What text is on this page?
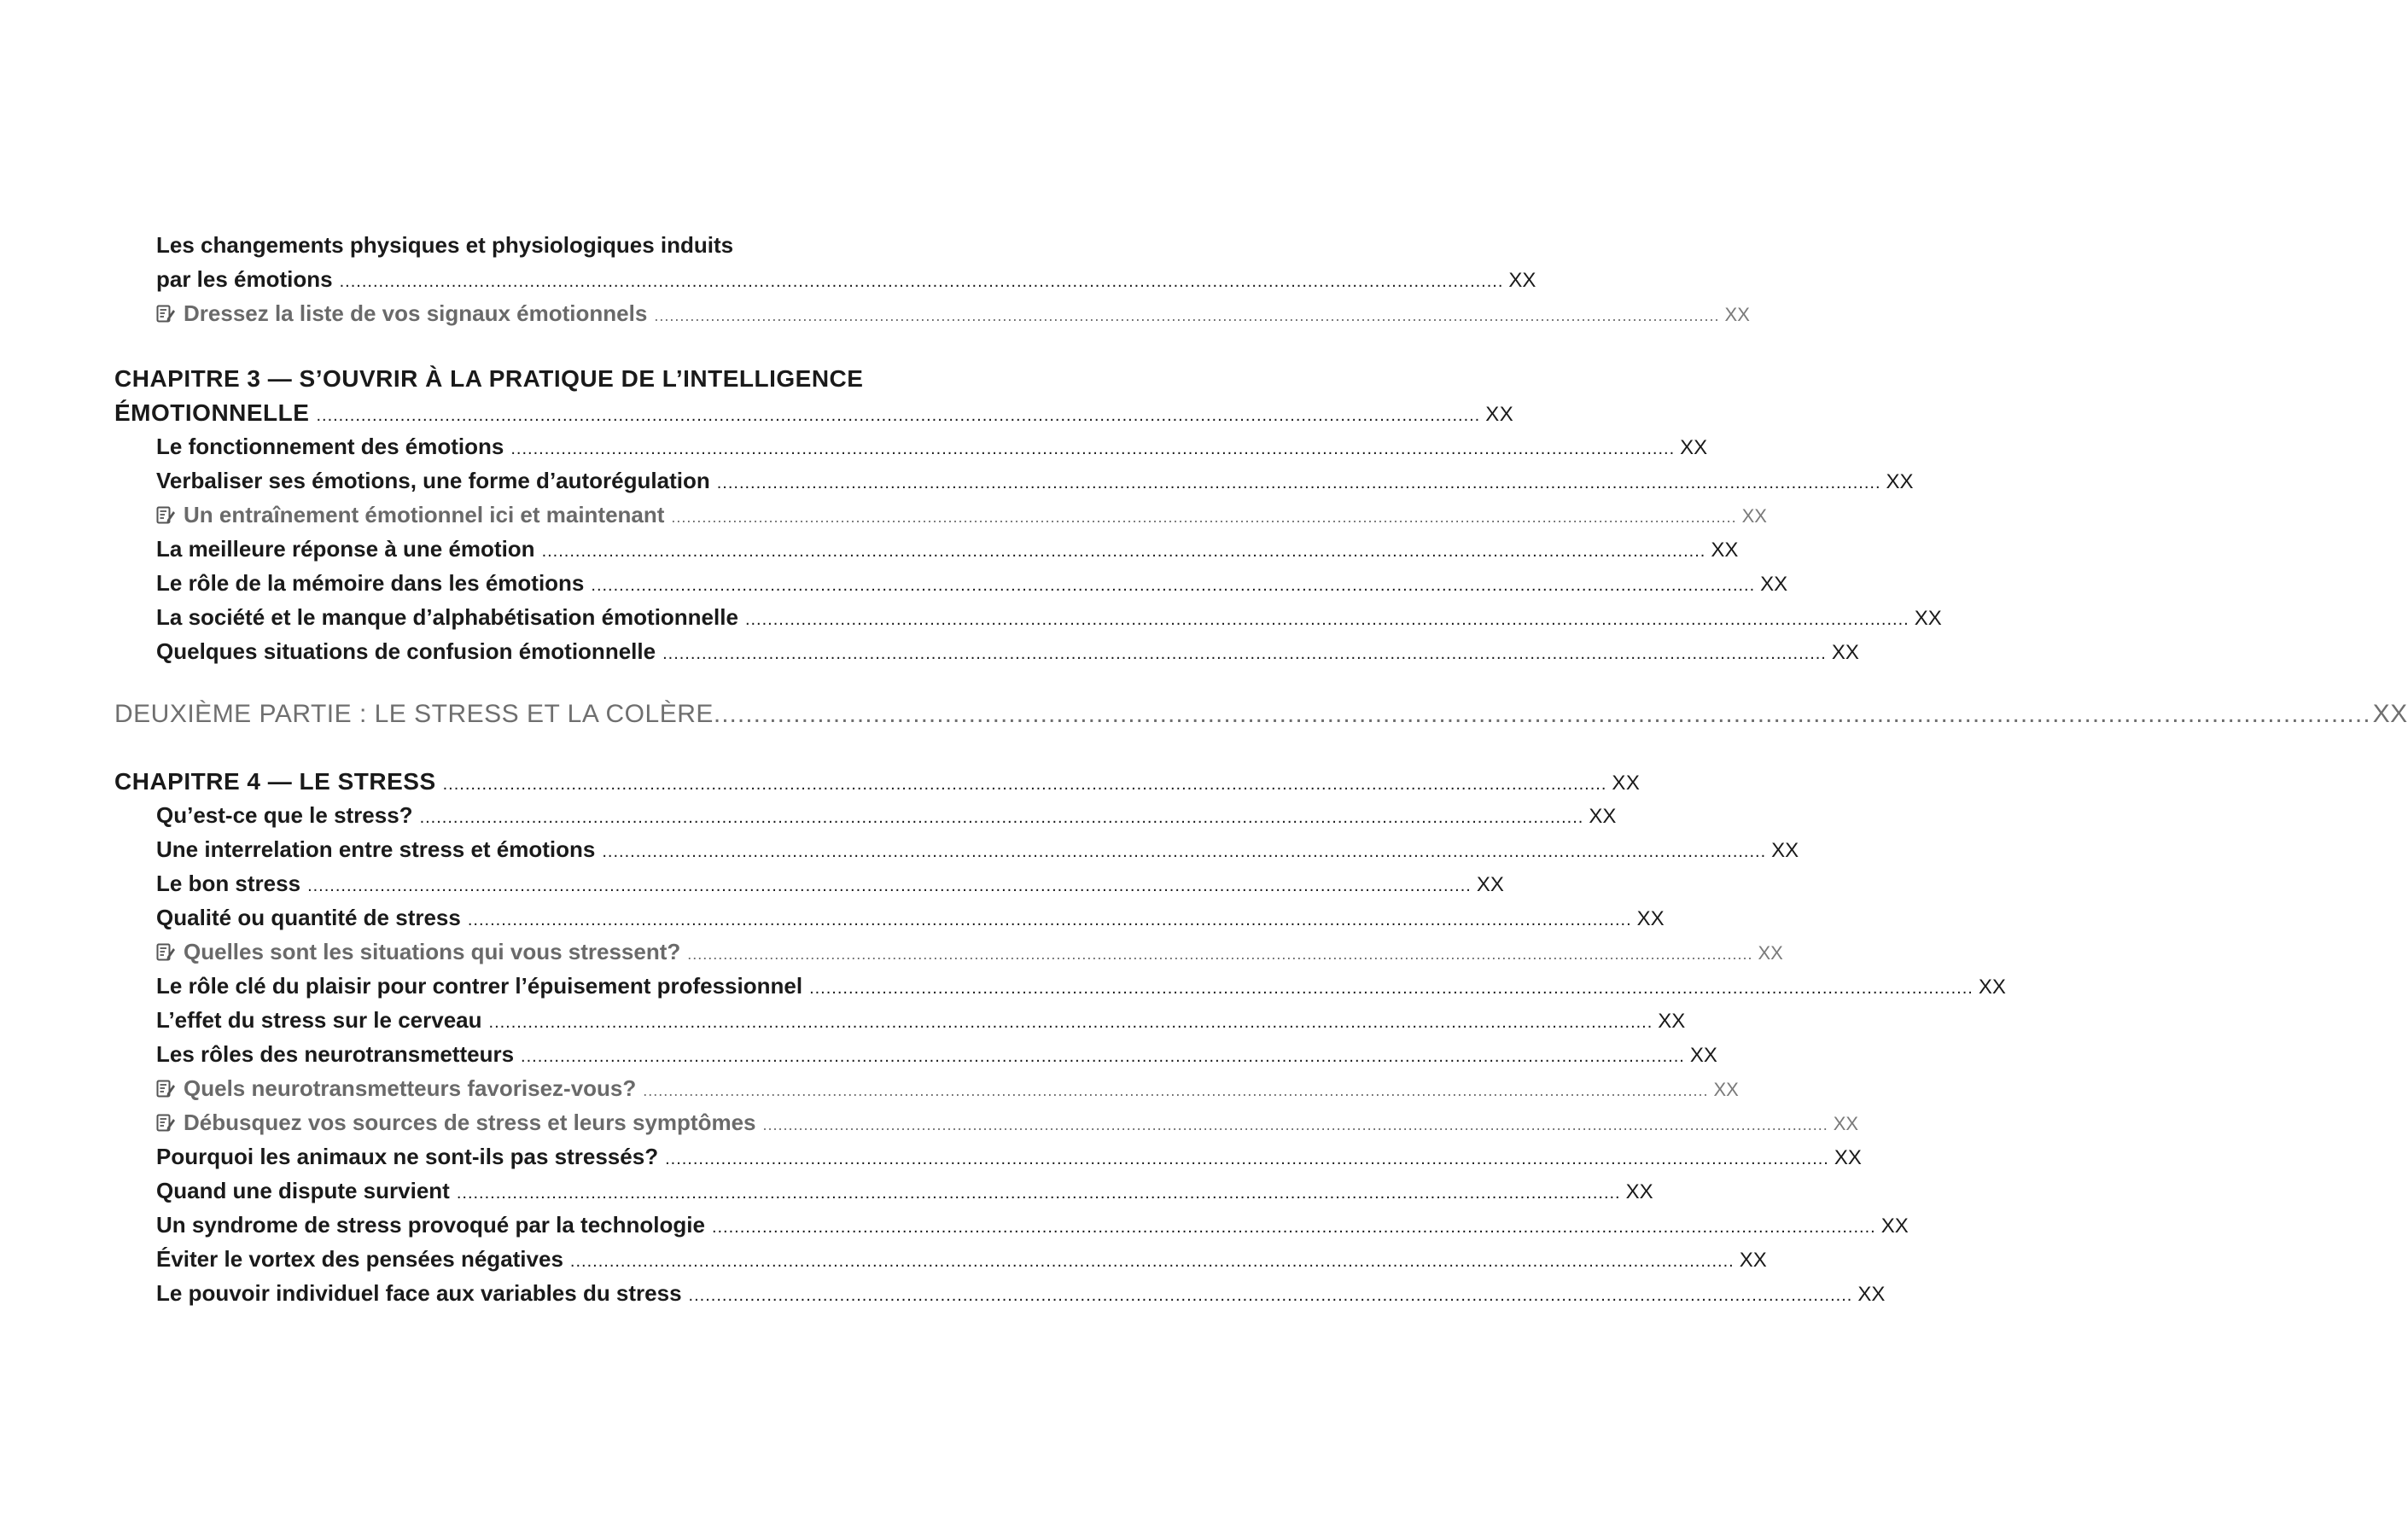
Les changements physiques et physiologiques induits
par les émotions ................................................................................................................................................................................................................ XX
Dressez la liste de vos signaux émotionnels ................................................................................................................................................................................................................ XX
CHAPITRE 3 — S’OUVRIR À LA PRATIQUE DE L’INTELLIGENCE
ÉMOTIONNELLE ................................................................................................................................................................................................................ XX
Le fonctionnement des émotions ................................................................................................................................................................................................................ XX
Verbaliser ses émotions, une forme d’autorégulation ................................................................................................................................................................................................................ XX
Un entraînement émotionnel ici et maintenant ................................................................................................................................................................................................................ XX
La meilleure réponse à une émotion ................................................................................................................................................................................................................ XX
Le rôle de la mémoire dans les émotions ................................................................................................................................................................................................................ XX
La société et le manque d’alphabétisation émotionnelle ................................................................................................................................................................................................................ XX
Quelques situations de confusion émotionnelle ................................................................................................................................................................................................................ XX
DEUXIÈME PARTIE : LE STRESS ET LA COLÈRE ................................................................................................................................................................................................................ XX
CHAPITRE 4 — LE STRESS ................................................................................................................................................................................................................ XX
Qu’est-ce que le stress? ................................................................................................................................................................................................................ XX
Une interrelation entre stress et émotions ................................................................................................................................................................................................................ XX
Le bon stress ................................................................................................................................................................................................................ XX
Qualité ou quantité de stress ................................................................................................................................................................................................................ XX
Quelles sont les situations qui vous stressent? ................................................................................................................................................................................................................ XX
Le rôle clé du plaisir pour contrer l’épuisement professionnel ................................................................................................................................................................................................................ XX
L’effet du stress sur le cerveau ................................................................................................................................................................................................................ XX
Les rôles des neurotransmetteurs ................................................................................................................................................................................................................ XX
Quels neurotransmetteurs favorisez-vous? ................................................................................................................................................................................................................ XX
Débusquez vos sources de stress et leurs symptômes ................................................................................................................................................................................................................ XX
Pourquoi les animaux ne sont-ils pas stressés? ................................................................................................................................................................................................................ XX
Quand une dispute survient ................................................................................................................................................................................................................ XX
Un syndrome de stress provoqué par la technologie ................................................................................................................................................................................................................ XX
Éviter le vortex des pensées négatives ................................................................................................................................................................................................................ XX
Le pouvoir individuel face aux variables du stress ................................................................................................................................................................................................................ XX
